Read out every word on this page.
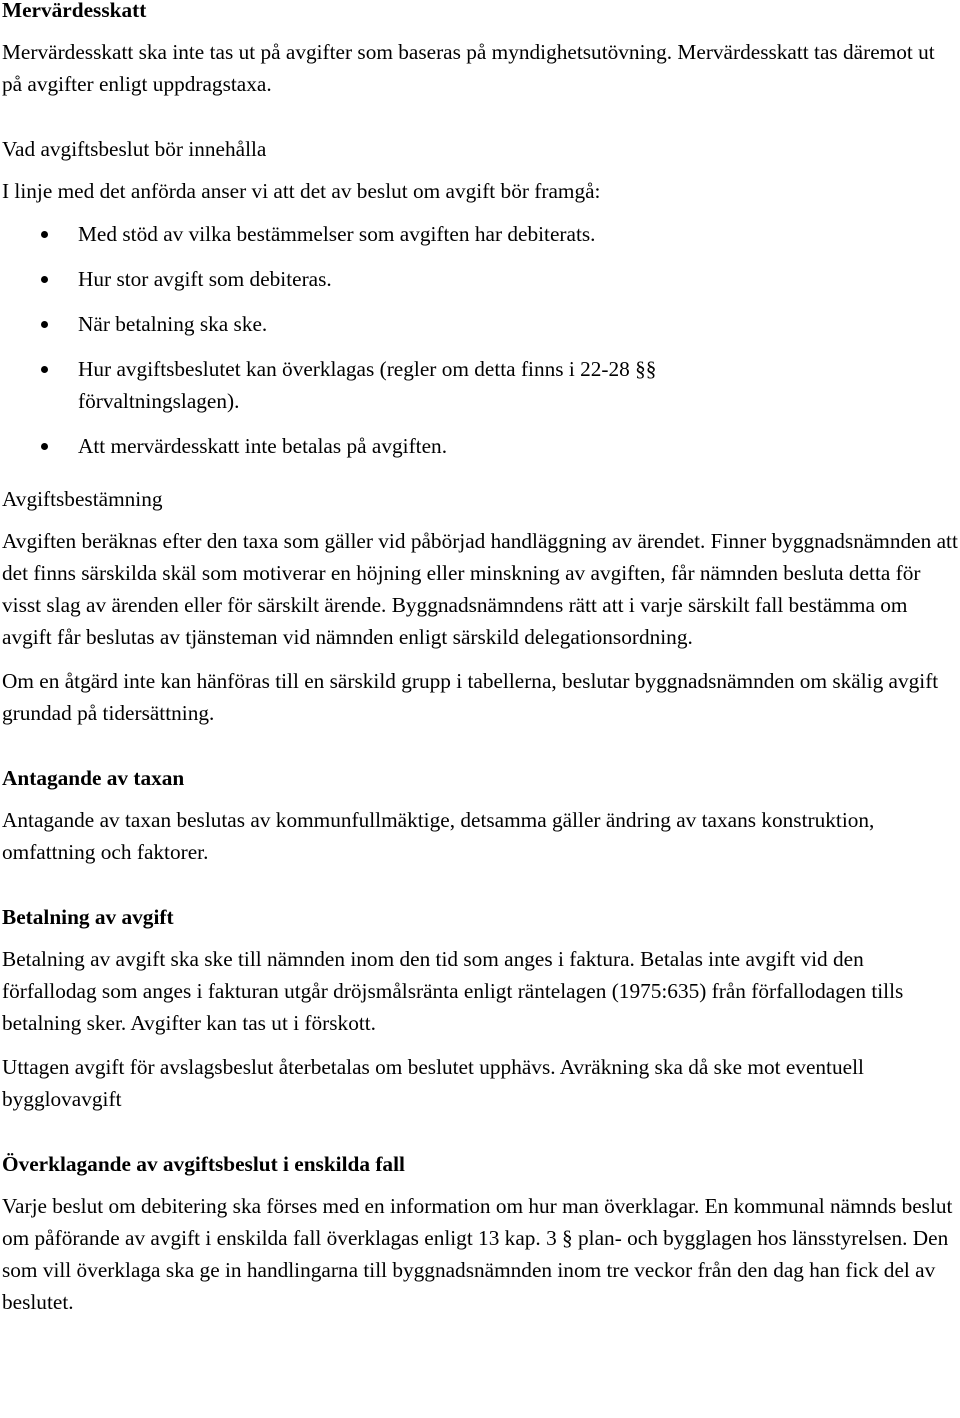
Mervärdesskatt

Mervärdesskatt ska inte tas ut på avgifter som baseras på myndighetsutövning. Mervärdesskatt tas däremot ut på avgifter enligt uppdragstaxa.

Vad avgiftsbeslut bör innehålla

I linje med det anförda anser vi att det av beslut om avgift bör framgå:

Med stöd av vilka bestämmelser som avgiften har debiterats.
Hur stor avgift som debiteras.
När betalning ska ske.
Hur avgiftsbeslutet kan överklagas (regler om detta finns i 22-28 §§ förvaltningslagen).
Att mervärdesskatt inte betalas på avgiften.
Avgiftsbestämning

Avgiften beräknas efter den taxa som gäller vid påbörjad handläggning av ärendet. Finner byggnadsnämnden att det finns särskilda skäl som motiverar en höjning eller minskning av avgiften, får nämnden besluta detta för visst slag av ärenden eller för särskilt ärende. Byggnadsnämndens rätt att i varje särskilt fall bestämma om avgift får beslutas av tjänsteman vid nämnden enligt särskild delegationsordning.

Om en åtgärd inte kan hänföras till en särskild grupp i tabellerna, beslutar byggnadsnämnden om skälig avgift grundad på tidersättning.

Antagande av taxan

Antagande av taxan beslutas av kommunfullmäktige, detsamma gäller ändring av taxans konstruktion, omfattning och faktorer.

Betalning av avgift

Betalning av avgift ska ske till nämnden inom den tid som anges i faktura. Betalas inte avgift vid den förfallodag som anges i fakturan utgår dröjsmålsränta enligt räntelagen (1975:635) från förfallodagen tills betalning sker. Avgifter kan tas ut i förskott.

Uttagen avgift för avslagsbeslut återbetalas om beslutet upphävs. Avräkning ska då ske mot eventuell bygglovavgift

Överklagande av avgiftsbeslut i enskilda fall

Varje beslut om debitering ska förses med en information om hur man överklagar. En kommunal nämnds beslut om påförande av avgift i enskilda fall överklagas enligt 13 kap. 3 § plan- och bygglagen hos länsstyrelsen. Den som vill överklaga ska ge in handlingarna till byggnadsnämnden inom tre veckor från den dag han fick del av beslutet.
